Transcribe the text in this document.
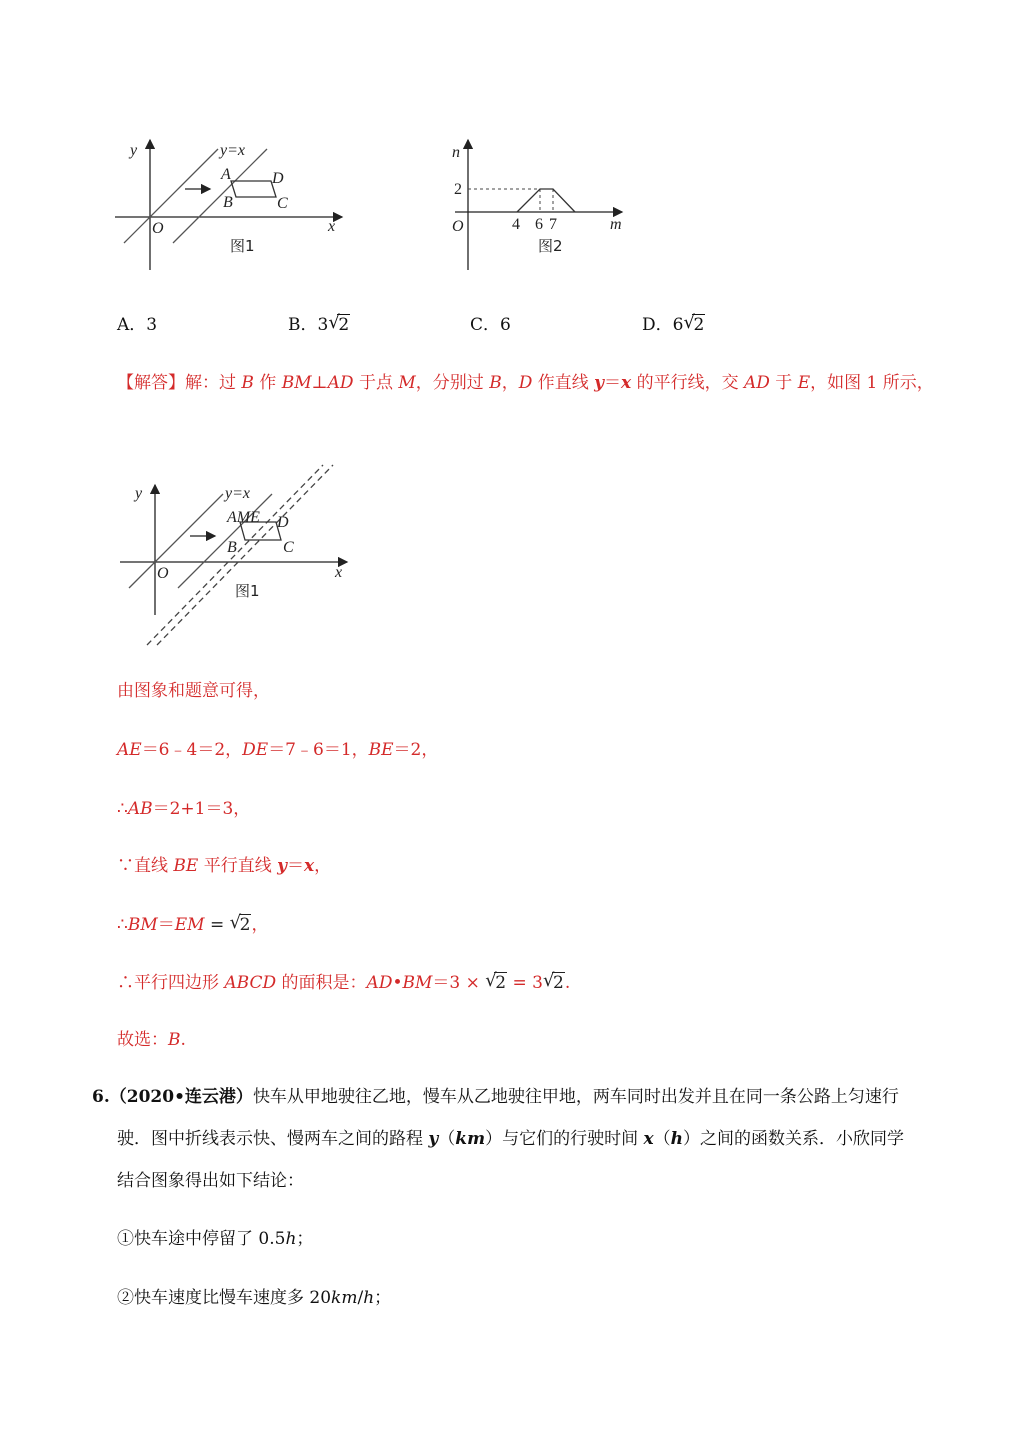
y	y=x
A	D
B	C
O	x
图1
n
2
O	4 6 7	m
图2
A．3	B．3 √
2	C．6	D．6 √
2
【解答】解：过 B 作 BM⊥AD 于点 M，分别过 B，D 作直线 y＝x 的平行线，交 AD 于 E，如图 1 所示，
y	y=x
AME D
B	C
O	x
图1
由图象和题意可得，
AE＝6﹣4＝2，DE＝7﹣6＝1，BE＝2，
∴AB＝2+1＝3，
∵直线 BE 平行直线 y＝x，
∴BM＝EM = √
2，
∴平行四边形 ABCD 的面积是：AD•BM＝3 × √
2 = 3 √
2.
故选：B.
6.（2020•连云港）快车从甲地驶往乙地，慢车从乙地驶往甲地，两车同时出发并且在同一条公路上匀速行
驶．图中折线表示快、慢两车之间的路程 y（km）与它们的行驶时间 x（h）之间的函数关系．小欣同学
结合图象得出如下结论：
①快车途中停留了 0.5h；
②快车速度比慢车速度多 20km/h；
